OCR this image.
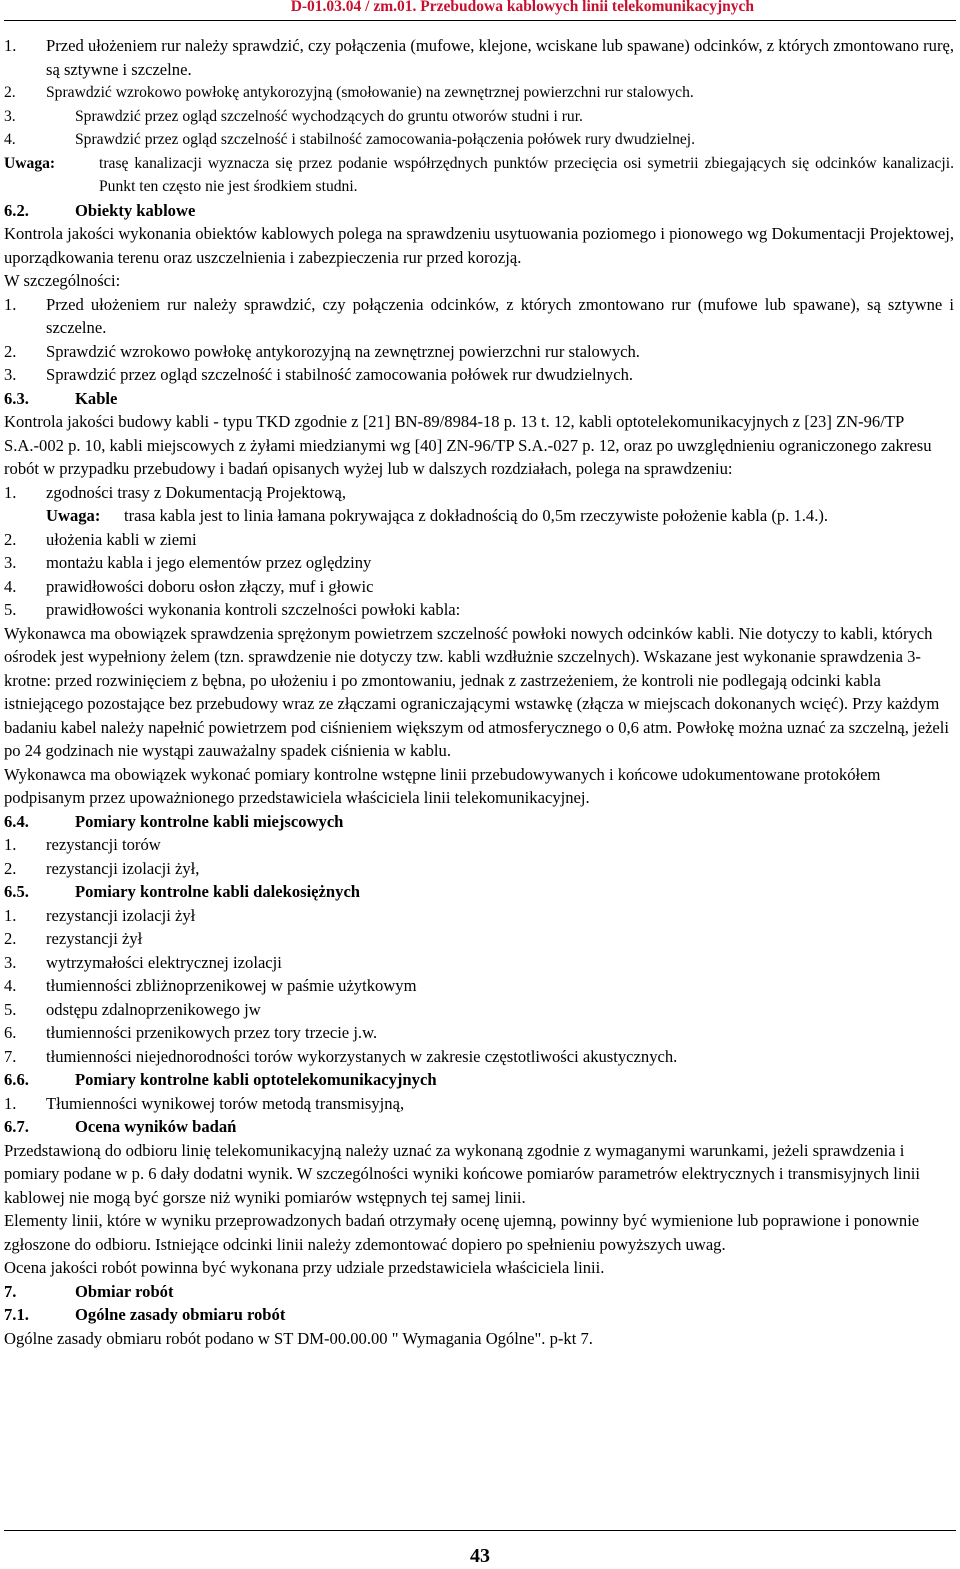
D-01.03.04 / zm.01. Przebudowa kablowych linii telekomunikacyjnych
1.	Przed ułożeniem rur należy sprawdzić, czy połączenia (mufowe, klejone, wciskane lub spawane) odcinków, z których zmontowano rurę, są sztywne i szczelne.
2.	Sprawdzić wzrokowo powłokę antykorozyjną (smołowanie) na zewnętrznej powierzchni rur stalowych.
3.	Sprawdzić przez ogląd szczelność wychodzących do gruntu otworów studni i rur.
4.	Sprawdzić przez ogląd szczelność i stabilność zamocowania-połączenia połówek rury dwudzielnej.
Uwaga:	trasę kanalizacji wyznacza się przez podanie współrzędnych punktów przecięcia osi symetrii zbiegających się odcinków kanalizacji. Punkt ten często nie jest środkiem studni.
6.2.	Obiekty kablowe

Kontrola jakości wykonania obiektów kablowych polega na sprawdzeniu usytuowania poziomego i pionowego wg Dokumentacji Projektowej, uporządkowania terenu oraz uszczelnienia i zabezpieczenia rur przed korozją.

W szczególności:

1.	Przed ułożeniem rur należy sprawdzić, czy połączenia odcinków, z których zmontowano rur (mufowe lub spawane), są sztywne i szczelne.
2.	Sprawdzić wzrokowo powłokę antykorozyjną na zewnętrznej powierzchni rur stalowych.
3.	Sprawdzić przez ogląd szczelność i stabilność zamocowania połówek rur dwudzielnych.
6.3.	Kable

Kontrola jakości budowy kabli - typu TKD zgodnie z [21] BN-89/8984-18 p. 13 t. 12, kabli optotelekomunikacyjnych z [23] ZN-96/TP S.A.-002 p. 10, kabli miejscowych z żyłami miedzianymi wg [40] ZN-96/TP S.A.-027 p. 12, oraz po uwzględnieniu ograniczonego zakresu robót w przypadku przebudowy i badań opisanych wyżej lub w dalszych rozdziałach, polega na sprawdzeniu:

1.	zgodności trasy z Dokumentacją Projektową,
Uwaga:	trasa kabla jest to linia łamana pokrywająca z dokładnością do 0,5m rzeczywiste położenie kabla (p. 1.4.).
2.	ułożenia kabli w ziemi
3.	montażu kabla i jego elementów przez oględziny
4.	prawidłowości doboru osłon złączy, muf i głowic
5.	prawidłowości wykonania kontroli szczelności powłoki kabla:

Wykonawca ma obowiązek sprawdzenia sprężonym powietrzem szczelność powłoki nowych odcinków kabli. Nie dotyczy to kabli, których ośrodek jest wypełniony żelem (tzn. sprawdzenie nie dotyczy tzw. kabli wzdłużnie szczelnych). Wskazane jest wykonanie sprawdzenia 3-krotne: przed rozwinięciem z bębna, po ułożeniu i po zmontowaniu, jednak z zastrzeżeniem, że kontroli nie podlegają odcinki kabla istniejącego pozostające bez przebudowy wraz ze złączami ograniczającymi wstawkę (złącza w miejscach dokonanych wcięć). Przy każdym badaniu kabel należy napełnić powietrzem pod ciśnieniem większym od atmosferycznego o 0,6 atm. Powłokę można uznać za szczelną, jeżeli po 24 godzinach nie wystąpi zauważalny spadek ciśnienia w kablu.

Wykonawca ma obowiązek wykonać pomiary kontrolne wstępne linii przebudowywanych i końcowe udokumentowane protokółem podpisanym przez upoważnionego przedstawiciela właściciela linii telekomunikacyjnej.

6.4.	Pomiary kontrolne kabli miejscowych
1.	rezystancji torów
2.	rezystancji izolacji żył,
6.5.	Pomiary kontrolne kabli dalekosiężnych
1.	rezystancji izolacji żył
2.	rezystancji żył
3.	wytrzymałości elektrycznej izolacji
4.	tłumienności zbliżnoprzenikowej w paśmie użytkowym
5.	odstępu zdalnoprzenikowego jw
6.	tłumienności przenikowych przez tory trzecie j.w.
7.	tłumienności niejednorodności torów wykorzystanych w zakresie częstotliwości akustycznych.
6.6.	Pomiary kontrolne kabli optotelekomunikacyjnych
1.	Tłumienności wynikowej torów metodą transmisyjną,
6.7.	Ocena wyników badań

Przedstawioną do odbioru linię telekomunikacyjną należy uznać za wykonaną zgodnie z wymaganymi warunkami, jeżeli sprawdzenia i pomiary podane w p. 6 dały dodatni wynik. W szczególności wyniki końcowe pomiarów parametrów elektrycznych i transmisyjnych linii kablowej nie mogą być gorsze niż wyniki pomiarów wstępnych tej samej linii.

Elementy linii, które w wyniku przeprowadzonych badań otrzymały ocenę ujemną, powinny być wymienione lub poprawione i ponownie zgłoszone do odbioru. Istniejące odcinki linii należy zdemontować dopiero po spełnieniu powyższych uwag.

Ocena jakości robót powinna być wykonana przy udziale przedstawiciela właściciela linii.

7.	Obmiar robót
7.1.	Ogólne zasady obmiaru robót

Ogólne zasady obmiaru robót podano w ST DM-00.00.00 " Wymagania Ogólne". p-kt 7.

43
